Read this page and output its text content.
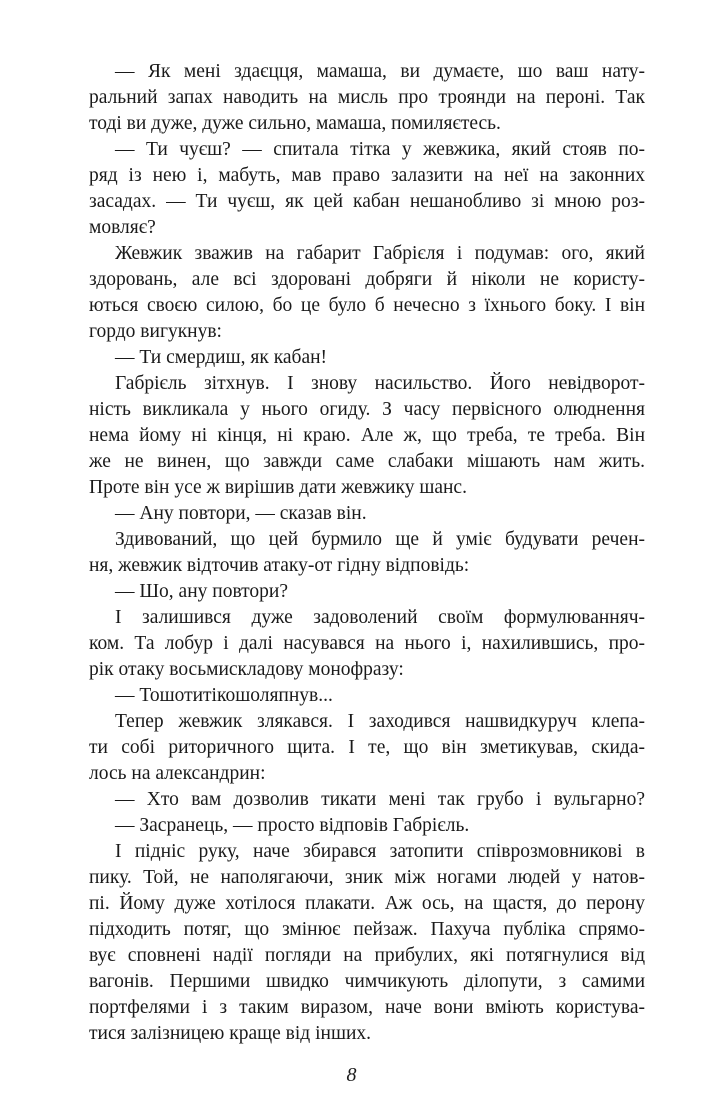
— Як мені здаєцця, мамаша, ви думаєте, шо ваш нату-
ральний запах наводить на мисль про троянди на пероні. Так
тоді ви дуже, дуже сильно, мамаша, помиляєтесь.
— Ти чуєш? — спитала тітка у жевжика, який стояв по-
ряд із нею і, мабуть, мав право залазити на неї на законних
засадах. — Ти чуєш, як цей кабан нешанобливо зі мною роз-
мовляє?
Жевжик зважив на габарит Габрієля і подумав: ого, який
здоровань, але всі здоровані добряги й ніколи не користу-
ються своєю силою, бо це було б нечесно з їхнього боку. І він
гордо вигукнув:
— Ти смердиш, як кабан!
Габрієль зітхнув. І знову насильство. Його невідворот-
ність викликала у нього огиду. З часу первісного олюднення
нема йому ні кінця, ні краю. Але ж, що треба, те треба. Він
же не винен, що завжди саме слабаки мішають нам жить.
Проте він усе ж вирішив дати жевжику шанс.
— Ану повтори, — сказав він.
Здивований, що цей бурмило ще й уміє будувати речен-
ня, жевжик відточив атаку-от гідну відповідь:
— Шо, ану повтори?
І залишився дуже задоволений своїм формулюванняч-
ком. Та лобур і далі насувався на нього і, нахилившись, про-
рік отаку восьмискладову монофразу:
— Тошотитікошоляпнув...
Тепер жевжик злякався. І заходився нашвидкуруч клепа-
ти собі риторичного щита. І те, що він зметикував, скида-
лось на александрин:
— Хто вам дозволив тикати мені так грубо і вульгарно?
— Засранець, — просто відповів Габрієль.
І підніс руку, наче збирався затопити співрозмовникові в
пику. Той, не наполягаючи, зник між ногами людей у натов-
пі. Йому дуже хотілося плакати. Аж ось, на щастя, до перону
підходить потяг, що змінює пейзаж. Пахуча публіка спрямо-
вує сповнені надії погляди на прибулих, які потягнулися від
вагонів. Першими швидко чимчикують ділопути, з самими
портфелями і з таким виразом, наче вони вміють користува-
тися залізницею краще від інших.
8
